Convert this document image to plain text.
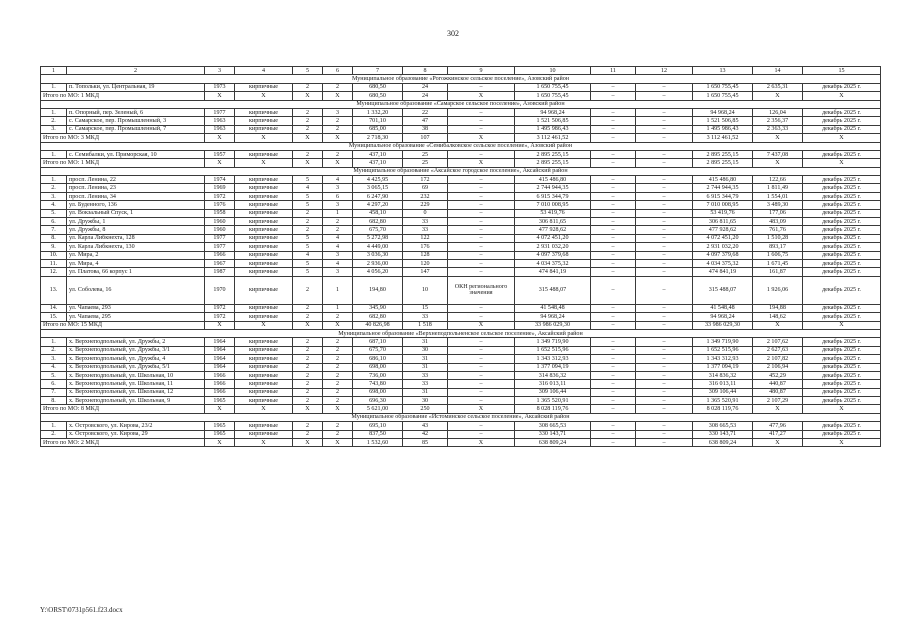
302
1	2	3	4	5	6	7	8	9	10	11	12	13	14	15
Муниципальное образование «Рогожкинское сельское поселение», Азовский район														
1.	п. Топольки, ул. Центральная, 19	1973	кирпичные	2	2	680,50	24	–	1 650 755,45	–	–	1 650 755,45	2 635,31	декабрь 2025 г.
Итого по МО: 1 МКД		X	X	X	X	680,50	24	X	1 650 755,45	–	–	1 650 755,45	X	X
Муниципальное образование «Самарское сельское поселение», Азовский район														
1.	п. Опорный, пер. Зеленый, 6	1977	кирпичные	2	3	1 332,20	22	–	94 968,24	–	–	94 968,24	126,04	декабрь 2025 г.
2.	с. Самарское, пер. Промышленный, 3	1963	кирпичные	2	2	701,10	47	–	1 521 506,85	–	–	1 521 506,85	2 356,37	декабрь 2025 г.
3.	с. Самарское, пер. Промышленный, 7	1963	кирпичные	2	2	685,00	38	–	1 495 986,43	–	–	1 495 986,43	2 363,33	декабрь 2025 г.
Итого по МО: 3 МКД		X	X	X	X	2 718,30	107	X	3 112 461,52	–	–	3 112 461,52	X	X
Муниципальное образование «Семибалковское сельское поселение», Азовский район														
1.	с. Семибалки, ул. Приморская, 10	1957	кирпичные	2	2	437,10	25	–	2 895 255,15	–	–	2 895 255,15	7 437,08	декабрь 2025 г.
Итого по МО: 1 МКД		X	X	X	X	437,10	25	X	2 895 255,15	–	–	2 895 255,15	X	X
Муниципальное образование «Аксайское городское поселение», Аксайский район														
1.	просп. Ленина, 22	1974	кирпичные	5	4	4 425,95	172	–	415 486,80	–	–	415 486,80	122,66	декабрь 2025 г.
2.	просп. Ленина, 23	1969	кирпичные	4	3	3 065,15	69	–	2 744 944,35	–	–	2 744 944,35	1 811,49	декабрь 2025 г.
3.	просп. Ленина, 34	1972	кирпичные	5	6	6 247,90	232	–	6 915 344,79	–	–	6 915 344,79	1 554,01	декабрь 2025 г.
4.	ул. Буденного, 136	1976	кирпичные	5	3	4 297,20	229	–	7 010 008,95	–	–	7 010 008,95	3 489,30	декабрь 2025 г.
5.	ул. Вокзальный Спуск, 1	1958	кирпичные	2	1	458,10	0	–	53 419,76	–	–	53 419,76	177,06	декабрь 2025 г.
6.	ул. Дружбы, 1	1960	кирпичные	2	2	682,80	33	–	306 811,65	–	–	306 811,65	483,09	декабрь 2025 г.
7.	ул. Дружбы, 8	1960	кирпичные	2	2	675,70	33	–	477 928,62	–	–	477 928,62	761,76	декабрь 2025 г.
8.	ул. Карла Либкнехта, 128	1977	кирпичные	5	4	5 272,98	122	–	4 072 451,20	–	–	4 072 451,20	1 510,28	декабрь 2025 г.
9.	ул. Карла Либкнехта, 130	1977	кирпичные	5	4	4 449,00	176	–	2 931 032,20	–	–	2 931 032,20	893,17	декабрь 2025 г.
10.	ул. Мира, 2	1966	кирпичные	4	3	3 036,30	128	–	4 097 379,68	–	–	4 097 379,68	1 606,75	декабрь 2025 г.
11.	ул. Мира, 4	1967	кирпичные	5	4	2 936,00	120	–	4 034 375,32	–	–	4 034 375,32	1 671,45	декабрь 2025 г.
12.	ул. Платова, 66 корпус 1	1987	кирпичные	5	3	4 056,20	147	–	474 841,19	–	–	474 841,19	161,87	декабрь 2025 г.
13.	ул. Соболева, 16	1970	кирпичные	2	1	194,80	10	ОКН регионального значения	315 488,07	–	–	315 488,07	1 926,06	декабрь 2025 г.
14.	ул. Чапаева, 293	1972	кирпичные	2	1	345,90	15	–	41 548,48	–	–	41 548,48	194,88	декабрь 2025 г.
15.	ул. Чапаева, 295	1972	кирпичные	2	2	682,80	33	–	94 968,24	–	–	94 968,24	148,62	декабрь 2025 г.
Итого по МО: 15 МКД		X	X	X	X	40 826,98	1 518	X	33 986 029,30	–	–	33 986 029,30	X	X
Муниципальное образование «Верхнеподпольненское сельское поселение», Аксайский район														
1.	х. Верхнеподпольный, ул. Дружбы, 2	1964	кирпичные	2	2	687,10	31	–	1 349 719,90	–	–	1 349 719,90	2 107,62	декабрь 2025 г.
2.	х. Верхнеподпольный, ул. Дружбы, 3/1	1964	кирпичные	2	2	675,70	30	–	1 652 515,96	–	–	1 652 515,96	2 627,63	декабрь 2025 г.
3.	х. Верхнеподпольный, ул. Дружбы, 4	1964	кирпичные	2	2	686,10	31	–	1 343 312,93	–	–	1 343 312,93	2 107,82	декабрь 2025 г.
4.	х. Верхнеподпольный, ул. Дружбы, 5/1	1964	кирпичные	2	2	698,00	31	–	1 377 094,19	–	–	1 377 094,19	2 106,94	декабрь 2025 г.
5.	х. Верхнеподпольный, ул. Школьная, 10	1966	кирпичные	2	2	736,00	33	–	314 836,32	–	–	314 836,32	452,29	декабрь 2025 г.
6.	х. Верхнеподпольный, ул. Школьная, 11	1966	кирпичные	2	2	743,80	33	–	316 013,11	–	–	316 013,11	440,87	декабрь 2025 г.
7.	х. Верхнеподпольный, ул. Школьная, 12	1966	кирпичные	2	2	698,00	31	–	309 106,44	–	–	309 106,44	480,87	декабрь 2025 г.
8.	х. Верхнеподпольный, ул. Школьная, 9	1965	кирпичные	2	2	696,30	30	–	1 365 520,91	–	–	1 365 520,91	2 107,29	декабрь 2025 г.
Итого по МО: 8 МКД		X	X	X	X	5 621,00	250	X	8 028 119,76	–	–	8 028 119,76	X	X
Муниципальное образование «Истоминское сельское поселение», Аксайский район														
1.	х. Островского, ул. Кирова, 23/2	1965	кирпичные	2	2	695,10	43	–	308 665,53	–	–	308 665,53	477,96	декабрь 2025 г.
2.	х. Островского, ул. Кирова, 29	1965	кирпичные	2	2	837,50	42	–	330 143,71	–	–	330 143,71	417,27	декабрь 2025 г.
Итого по МО: 2 МКД		X	X	X	X	1 532,60	85	X	638 809,24	–	–	638 809,24	X	X
Y:\ORST\0731p561.f23.docx
